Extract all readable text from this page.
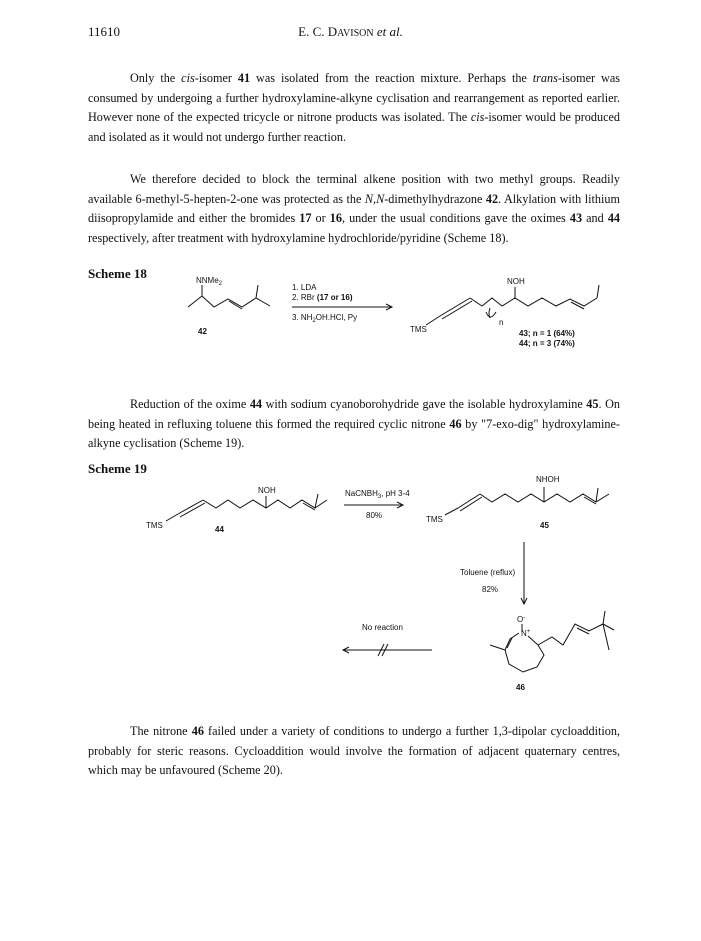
11610	E. C. DAVISON et al.

Only the cis-isomer 41 was isolated from the reaction mixture. Perhaps the trans-isomer was consumed by undergoing a further hydroxylamine-alkyne cyclisation and rearrangement as reported earlier. However none of the expected tricycle or nitrone products was isolated. The cis-isomer would be produced and isolated as it would not undergo further reaction.

We therefore decided to block the terminal alkene position with two methyl groups. Readily available 6-methyl-5-hepten-2-one was protected as the N,N-dimethylhydrazone 42. Alkylation with lithium diisopropylamide and either the bromides 17 or 16, under the usual conditions gave the oximes 43 and 44 respectively, after treatment with hydroxylamine hydrochloride/pyridine (Scheme 18).

Reduction of the oxime 44 with sodium cyanoborohydride gave the isolable hydroxylamine 45. On being heated in refluxing toluene this formed the required cyclic nitrone 46 by "7-exo-dig" hydroxylamine-alkyne cyclisation (Scheme 19).

The nitrone 46 failed under a variety of conditions to undergo a further 1,3-dipolar cycloaddition, probably for steric reasons. Cycloaddition would involve the formation of adjacent quaternary centres, which may be unfavoured (Scheme 20).

Scheme 18
Scheme 19
NNMe$_2$
42
1. LDA
2. RBr (17 or 16)
3. $NH_2OH.HCl$, Py
TMS
NOH
n
43; n = 1 (64%)
44; n = 3 (74%)
TMS
NOH
44
NaCNBH$_3$, pH 3-4
80%	TMS
NHOH
45
Toluene (reflux)
82%
No reaction
O-
N+
46
